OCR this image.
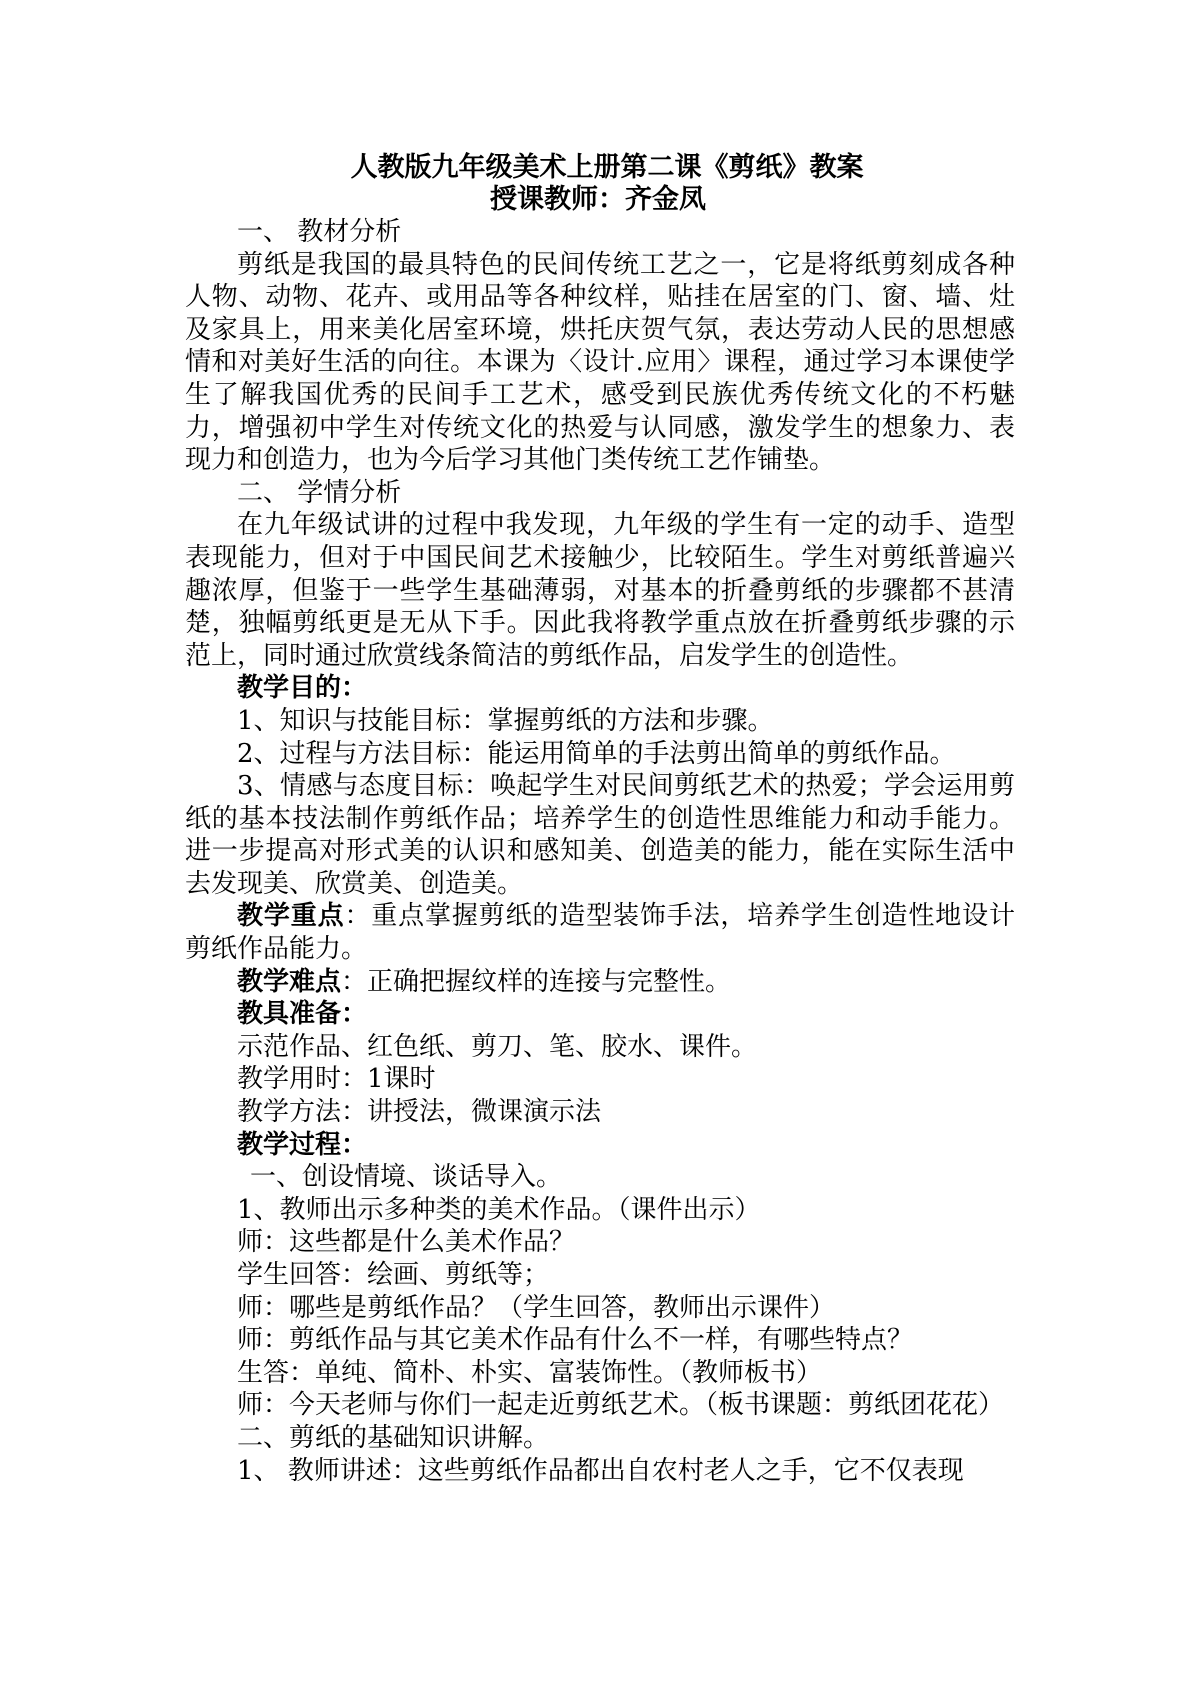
人教版九年级美术上册第二课《剪纸》教案
授课教师：齐金凤
一、 教材分析

剪纸是我国的最具特色的民间传统工艺之一，它是将纸剪刻成各种人物、动物、花卉、或用品等各种纹样，贴挂在居室的门、窗、墙、灶及家具上，用来美化居室环境，烘托庆贺气氛，表达劳动人民的思想感情和对美好生活的向往。本课为〈设计.应用〉课程，通过学习本课使学生了解我国优秀的民间手工艺术，感受到民族优秀传统文化的不朽魅力，增强初中学生对传统文化的热爱与认同感，激发学生的想象力、表现力和创造力，也为今后学习其他门类传统工艺作铺垫。

二、 学情分析

在九年级试讲的过程中我发现，九年级的学生有一定的动手、造型表现能力，但对于中国民间艺术接触少，比较陌生。学生对剪纸普遍兴趣浓厚，但鉴于一些学生基础薄弱，对基本的折叠剪纸的步骤都不甚清楚，独幅剪纸更是无从下手。因此我将教学重点放在折叠剪纸步骤的示范上，同时通过欣赏线条简洁的剪纸作品，启发学生的创造性。

教学目的：
1、知识与技能目标：掌握剪纸的方法和步骤。
2、过程与方法目标：能运用简单的手法剪出简单的剪纸作品。

3、情感与态度目标：唤起学生对民间剪纸艺术的热爱；学会运用剪纸的基本技法制作剪纸作品；培养学生的创造性思维能力和动手能力。进一步提高对形式美的认识和感知美、创造美的能力，能在实际生活中去发现美、欣赏美、创造美。

教学重点：重点掌握剪纸的造型装饰手法，培养学生创造性地设计剪纸作品能力。

教学难点：正确把握纹样的连接与完整性。
教具准备：
示范作品、红色纸、剪刀、笔、胶水、课件。
教学用时：1课时
教学方法：讲授法，微课演示法
教学过程：
一、创设情境、谈话导入。
1、教师出示多种类的美术作品。（课件出示）
师：这些都是什么美术作品？
学生回答：绘画、剪纸等；
师：哪些是剪纸作品？（学生回答，教师出示课件）
师：剪纸作品与其它美术作品有什么不一样，有哪些特点？
生答：单纯、简朴、朴实、富装饰性。（教师板书）

师：今天老师与你们一起走近剪纸艺术。（板书课题：剪纸团花花）

二、剪纸的基础知识讲解。
1、 教师讲述：这些剪纸作品都出自农村老人之手，它不仅表现
